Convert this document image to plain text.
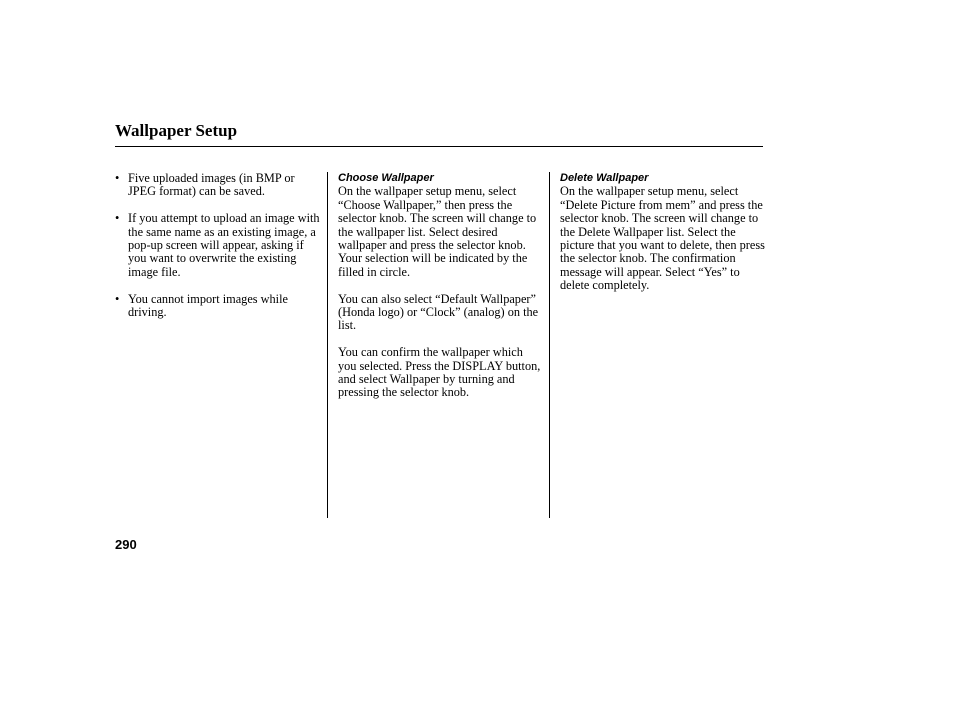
Wallpaper Setup
• Five uploaded images (in BMP or JPEG format) can be saved.
• If you attempt to upload an image with the same name as an existing image, a pop-up screen will appear, asking if you want to overwrite the existing image file.
• You cannot import images while driving.
Choose Wallpaper

On the wallpaper setup menu, select “Choose Wallpaper,” then press the selector knob. The screen will change to the wallpaper list. Select desired wallpaper and press the selector knob. Your selection will be indicated by the filled in circle.

You can also select “Default Wallpaper” (Honda logo) or “Clock” (analog) on the list.

You can confirm the wallpaper which you selected. Press the DISPLAY button, and select Wallpaper by turning and pressing the selector knob.

Delete Wallpaper

On the wallpaper setup menu, select “Delete Picture from mem” and press the selector knob. The screen will change to the Delete Wallpaper list. Select the picture that you want to delete, then press the selector knob. The confirmation message will appear. Select “Yes” to delete completely.

290
